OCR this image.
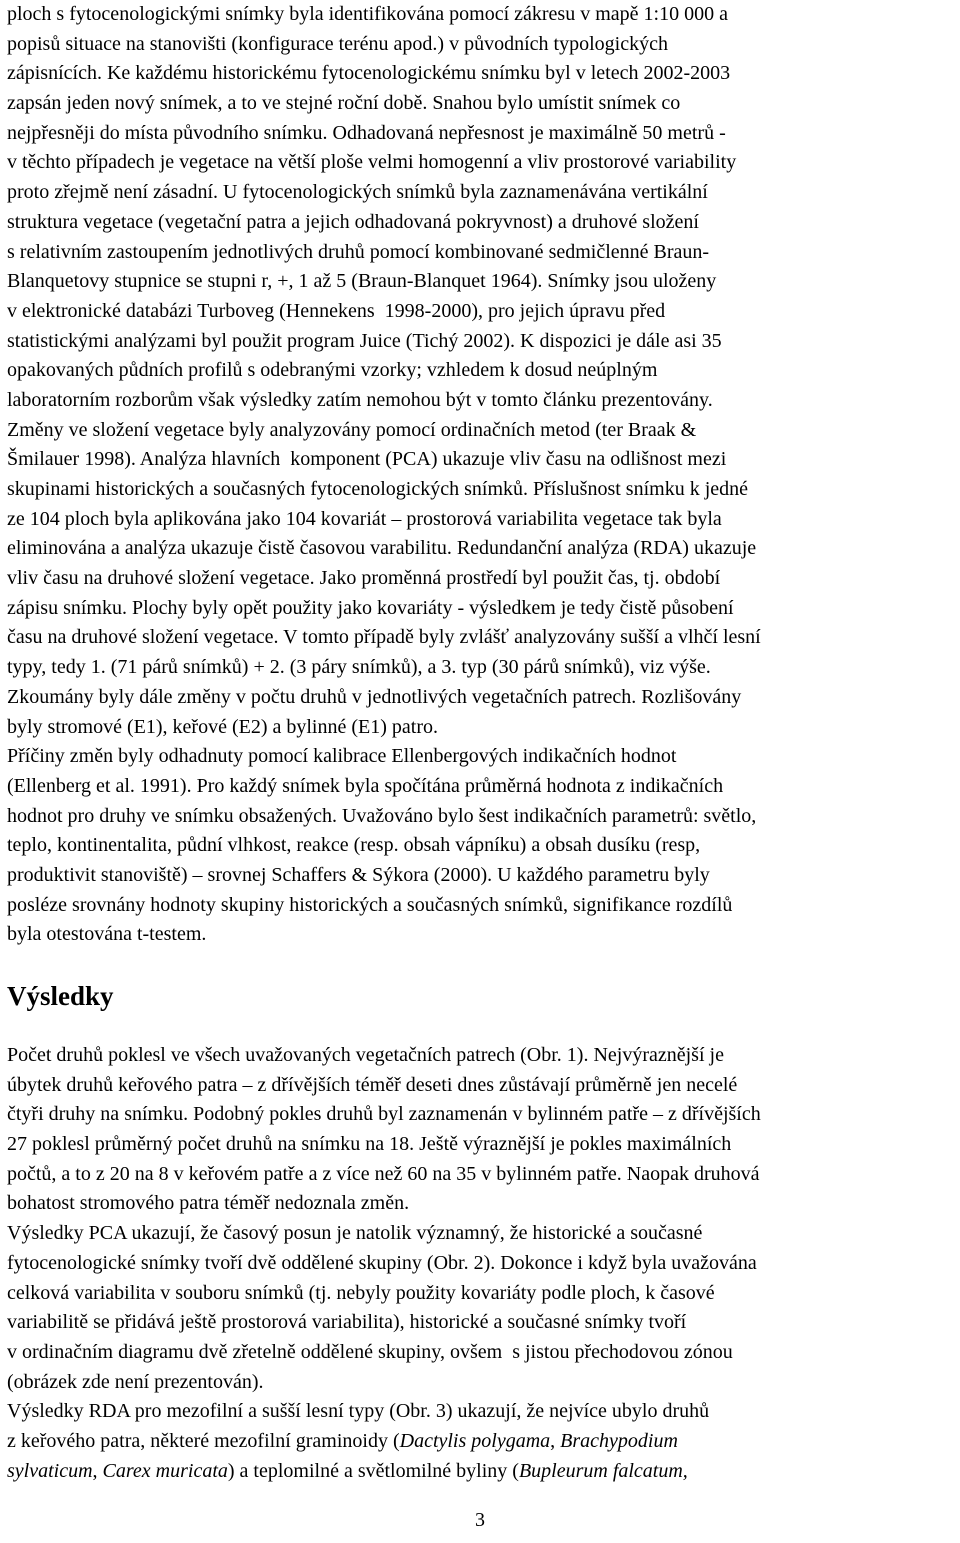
ploch s fytocenologickými snímky byla identifikována pomocí zákresu v mapě 1:10 000 a
popisů situace na stanovišti (konfigurace terénu apod.) v původních typologických
zápisnících. Ke každému historickému fytocenologickému snímku byl v letech 2002-2003
zapsán jeden nový snímek, a to ve stejné roční době. Snahou bylo umístit snímek co
nejpřesněji do místa původního snímku. Odhadovaná nepřesnost je maximálně 50 metrů -
v těchto případech je vegetace na větší ploše velmi homogenní a vliv prostorové variability
proto zřejmě není zásadní. U fytocenologických snímků byla zaznamenávána vertikální
struktura vegetace (vegetační patra a jejich odhadovaná pokryvnost) a druhové složení
s relativním zastoupením jednotlivých druhů pomocí kombinované sedmičlenné Braun-
Blanquetovy stupnice se stupni r, +, 1 až 5 (Braun-Blanquet 1964). Snímky jsou uloženy
v elektronické databázi Turboveg (Hennekens  1998-2000), pro jejich úpravu před
statistickými analýzami byl použit program Juice (Tichý 2002). K dispozici je dále asi 35
opakovaných půdních profilů s odebranými vzorky; vzhledem k dosud neúplným
laboratorním rozborům však výsledky zatím nemohou být v tomto článku prezentovány.
Změny ve složení vegetace byly analyzovány pomocí ordinačních metod (ter Braak &
Šmilauer 1998). Analýza hlavních  komponent (PCA) ukazuje vliv času na odlišnost mezi
skupinami historických a současných fytocenologických snímků. Příslušnost snímku k jedné
ze 104 ploch byla aplikována jako 104 kovariát – prostorová variabilita vegetace tak byla
eliminována a analýza ukazuje čistě časovou varabilitu. Redundanční analýza (RDA) ukazuje
vliv času na druhové složení vegetace. Jako proměnná prostředí byl použit čas, tj. období
zápisu snímku. Plochy byly opět použity jako kovariáty - výsledkem je tedy čistě působení
času na druhové složení vegetace. V tomto případě byly zvlášť analyzovány sušší a vlhčí lesní
typy, tedy 1. (71 párů snímků) + 2. (3 páry snímků), a 3. typ (30 párů snímků), viz výše.
Zkoumány byly dále změny v počtu druhů v jednotlivých vegetačních patrech. Rozlišovány
byly stromové (E1), keřové (E2) a bylinné (E1) patro.
Příčiny změn byly odhadnuty pomocí kalibrace Ellenbergových indikačních hodnot
(Ellenberg et al. 1991). Pro každý snímek byla spočítána průměrná hodnota z indikačních
hodnot pro druhy ve snímku obsažených. Uvažováno bylo šest indikačních parametrů: světlo,
teplo, kontinentalita, půdní vlhkost, reakce (resp. obsah vápníku) a obsah dusíku (resp,
produktivit stanoviště) – srovnej Schaffers & Sýkora (2000). U každého parametru byly
posléze srovnány hodnoty skupiny historických a současných snímků, signifikance rozdílů
byla otestována t-testem.
Výsledky
Počet druhů poklesl ve všech uvažovaných vegetačních patrech (Obr. 1). Nejvýraznější je
úbytek druhů keřového patra – z dřívějších téměř deseti dnes zůstávají průměrně jen necelé
čtyři druhy na snímku. Podobný pokles druhů byl zaznamenán v bylinném patře – z dřívějších
27 poklesl průměrný počet druhů na snímku na 18. Ještě výraznější je pokles maximálních
počtů, a to z 20 na 8 v keřovém patře a z více než 60 na 35 v bylinném patře. Naopak druhová
bohatost stromového patra téměř nedoznala změn.
Výsledky PCA ukazují, že časový posun je natolik významný, že historické a současné
fytocenologické snímky tvoří dvě oddělené skupiny (Obr. 2). Dokonce i když byla uvažována
celková variabilita v souboru snímků (tj. nebyly použity kovariáty podle ploch, k časové
variabilitě se přidává ještě prostorová variabilita), historické a současné snímky tvoří
v ordinačním diagramu dvě zřetelně oddělené skupiny, ovšem  s jistou přechodovou zónou
(obrázek zde není prezentován).
Výsledky RDA pro mezofilní a sušší lesní typy (Obr. 3) ukazují, že nejvíce ubylo druhů
z keřového patra, některé mezofilní graminoidy (Dactylis polygama, Brachypodium
sylvaticum, Carex muricata) a teplomilné a světlomilné byliny (Bupleurum falcatum,
3
